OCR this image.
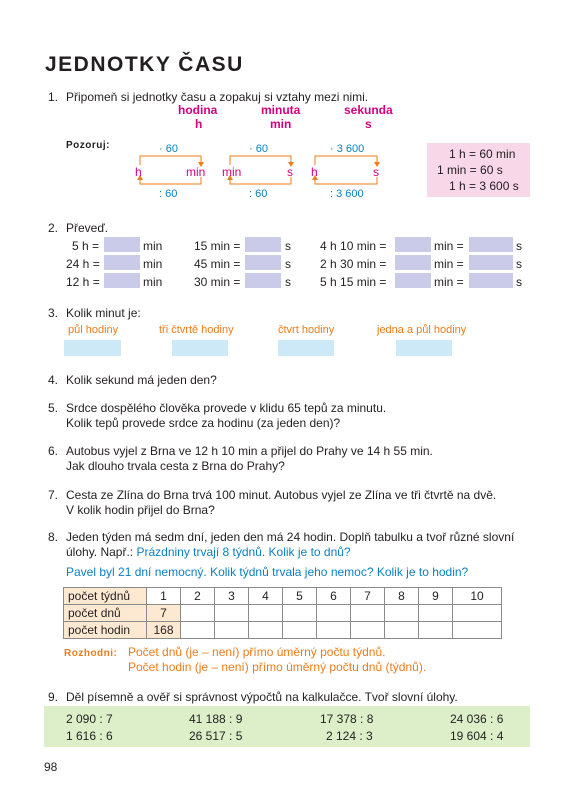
JEDNOTKY ČASU
1. Připomeň si jednotky času a zopakuj si vztahy mezi nimi.
hodina
h
minuta
min
sekunda
s
Pozoruj:	· 60
h	min
: 60
· 60
min	s
: 60
· 3 600
h	s
: 3 600
1 h = 60 min
1 min = 60 s
1 h = 3 600 s
2. Převeď.
5 h =	min
24 h =	min
12 h =	min
15 min =	s
45 min =	s
30 min =	s
4 h 10 min =	min =	s
2 h 30 min =	min =	s
5 h 15 min =	min =	s
3. Kolik minut je:
půl hodiny	tři čtvrtě hodiny	čtvrt hodiny	jedna a půl hodiny
4. Kolik sekund má jeden den?
5. Srdce dospělého člověka provede v klidu 65 tepů za minutu.
Kolik tepů provede srdce za hodinu (za jeden den)?
6. Autobus vyjel z Brna ve 12 h 10 min a přijel do Prahy ve 14 h 55 min.
Jak dlouho trvala cesta z Brna do Prahy?
7. Cesta ze Zlína do Brna trvá 100 minut. Autobus vyjel ze Zlína ve tři čtvrtě na dvě.
V kolik hodin přijel do Brna?
8. Jeden týden má sedm dní, jeden den má 24 hodin. Doplň tabulku a tvoř různé slovní
úlohy. Např.: Prázdniny trvají 8 týdnů. Kolik je to dnů?
Pavel byl 21 dní nemocný. Kolik týdnů trvala jeho nemoc? Kolik je to hodin?
počet týdnů	1	2	3	4	5	6	7	8	9	10
počet dnů	7									
počet hodin	168									
Rozhodni: Počet dnů (je – není) přímo úměrný počtu týdnů.
Počet hodin (je – není) přímo úměrný počtu dnů (týdnů).
9. Děl písemně a ověř si správnost výpočtů na kalkulačce. Tvoř slovní úlohy.
2 090 : 7	41 188 : 9	17 378 : 8	24 036 : 6
1 616 : 6	26 517 : 5	2 124 : 3	19 604 : 4
98
